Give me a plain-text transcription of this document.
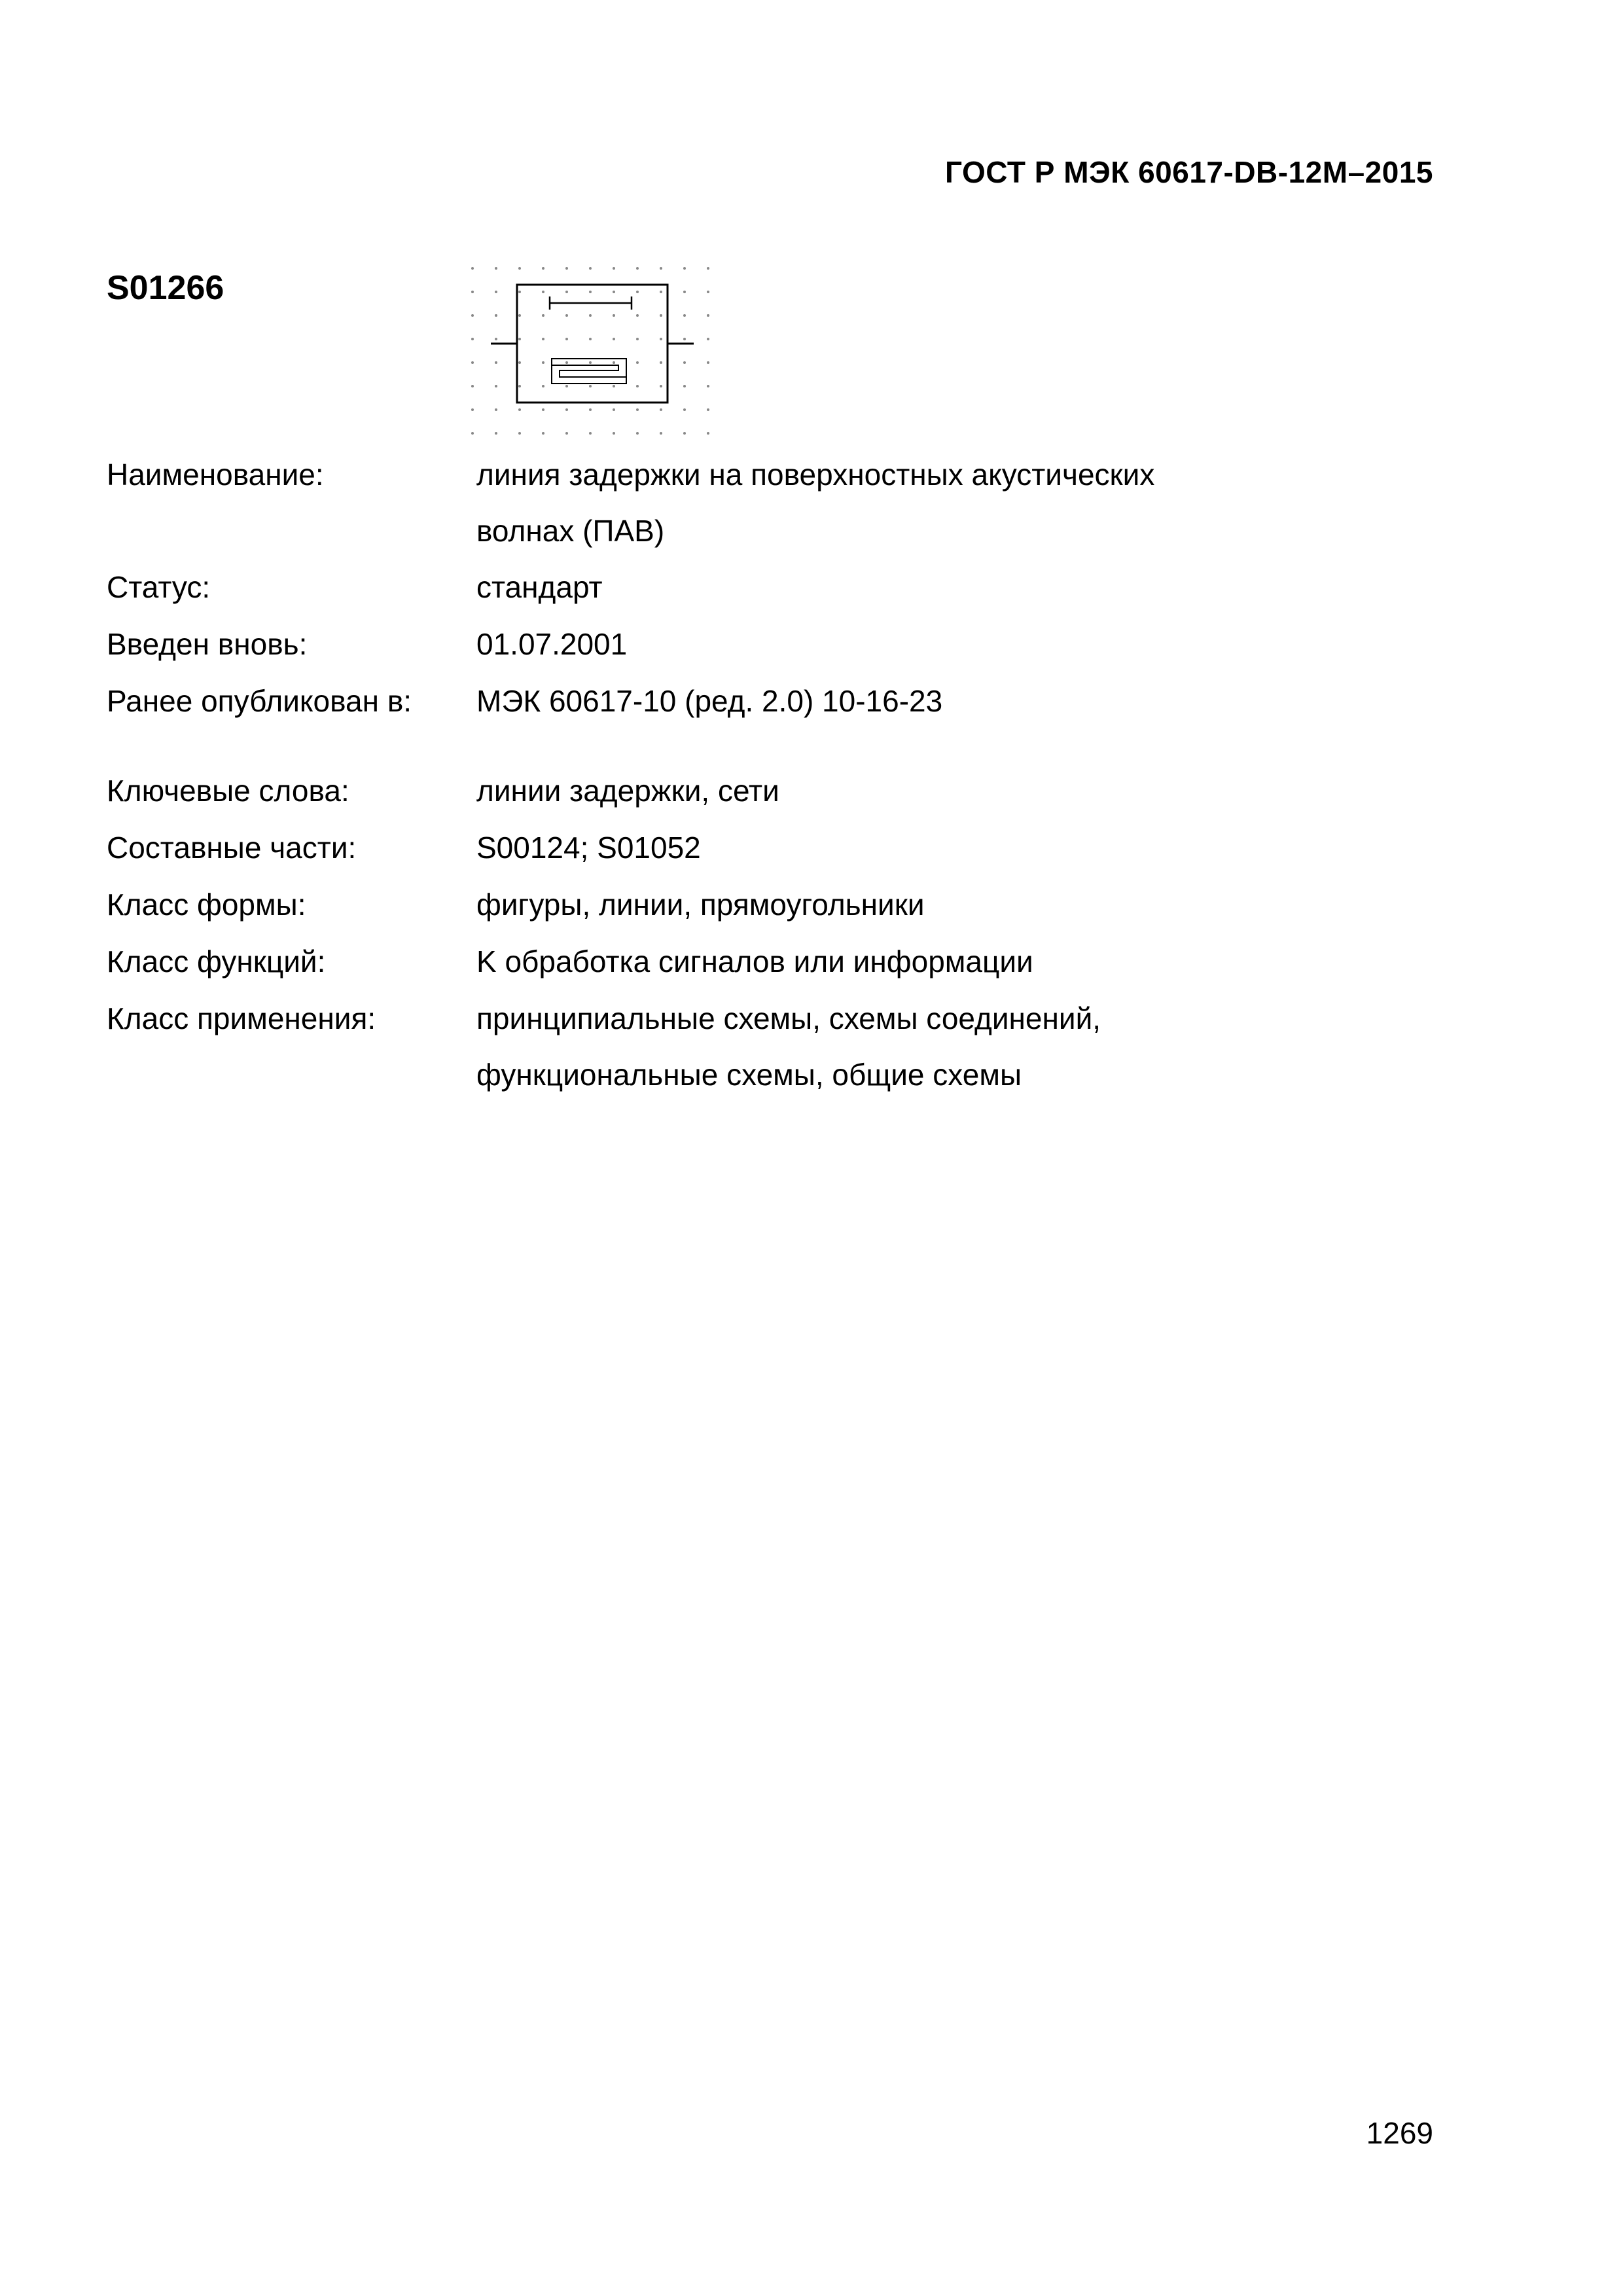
ГОСТ Р МЭК 60617-DB-12M–2015
S01266
Наименование:	линия задержки на поверхностных акустических
волнах (ПАВ)
Статус:	стандарт
Введен вновь:	01.07.2001
Ранее опубликован в:	МЭК 60617-10 (ред. 2.0) 10-16-23
Ключевые слова:	линии задержки, сети
Составные части:	S00124; S01052
Класс формы:	фигуры, линии, прямоугольники
Класс функций:	K обработка сигналов или информации
Класс применения:	принципиальные схемы, схемы соединений,
функциональные схемы, общие схемы
1269
